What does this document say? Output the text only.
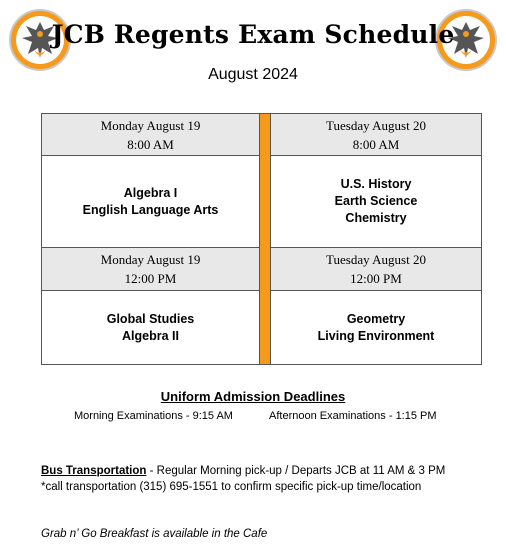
JCB Regents Exam Schedule
August 2024
Monday August 19
8:00 AM
Tuesday August 20
8:00 AM
Algebra I
English Language Arts
U.S. History
Earth Science
Chemistry
Monday August 19
12:00 PM
Tuesday August 20
12:00 PM
Global Studies
Algebra II
Geometry
Living Environment
Uniform Admission Deadlines
Morning Examinations - 9:15 AM	Afternoon Examinations - 1:15 PM
Bus Transportation - Regular Morning pick-up / Departs JCB at 11 AM & 3 PM
*call transportation (315) 695-1551 to confirm specific pick-up time/location
Grab n’ Go Breakfast is available in the Cafe
